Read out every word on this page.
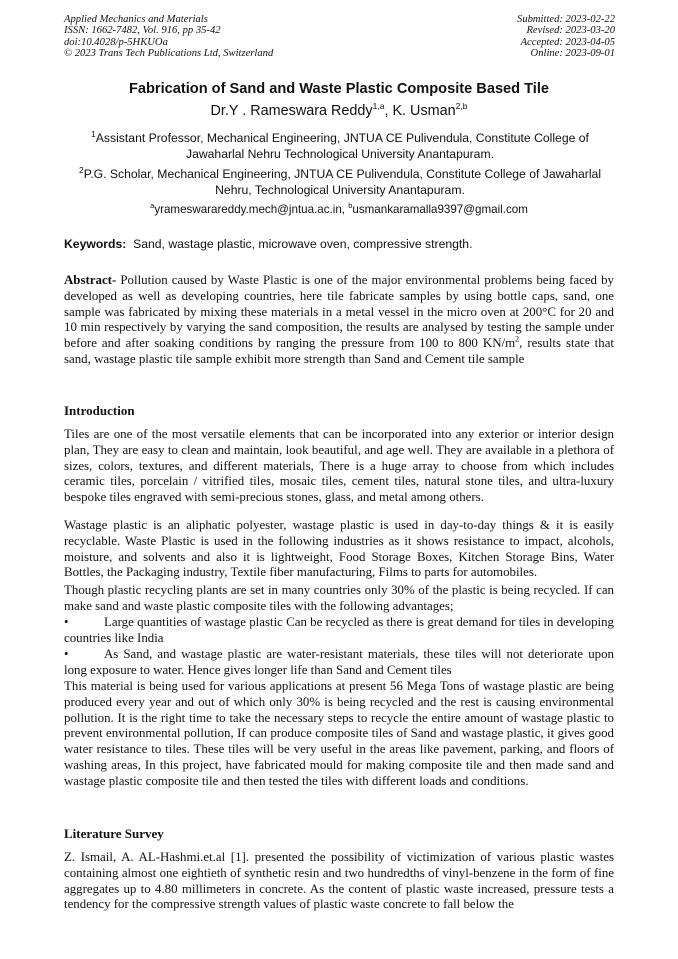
Applied Mechanics and Materials
ISSN: 1662-7482, Vol. 916, pp 35-42
doi:10.4028/p-5HKUOa
© 2023 Trans Tech Publications Ltd, Switzerland
Submitted: 2023-02-22
Revised: 2023-03-20
Accepted: 2023-04-05
Online: 2023-09-01
Fabrication of Sand and Waste Plastic Composite Based Tile
Dr.Y . Rameswara Reddy$^{1,a}$, K. Usman$^{2,b}$
$^1$Assistant Professor, Mechanical Engineering, JNTUA CE Pulivendula, Constitute College of Jawaharlal Nehru Technological University Anantapuram.
$^2$P.G. Scholar, Mechanical Engineering, JNTUA CE Pulivendula, Constitute College of Jawaharlal Nehru, Technological University Anantapuram.
$^a$yrameswarareddy.mech@jntua.ac.in, $^b$usmankaramalla9397@gmail.com
Keywords:  Sand, wastage plastic, microwave oven, compressive strength.
Abstract- Pollution caused by Waste Plastic is one of the major environmental problems being faced by developed as well as developing countries, here tile fabricate samples by using bottle caps, sand, one sample was fabricated by mixing these materials in a metal vessel in the micro oven at 200°C for 20 and 10 min respectively by varying the sand composition, the results are analysed by testing the sample under before and after soaking conditions by ranging the pressure from 100 to 800 $KN/m^2$, results state that sand, wastage plastic tile sample exhibit more strength than Sand and Cement tile sample
Introduction
Tiles are one of the most versatile elements that can be incorporated into any exterior or interior design plan, They are easy to clean and maintain, look beautiful, and age well. They are available in a plethora of sizes, colors, textures, and different materials, There is a huge array to choose from which includes ceramic tiles, porcelain / vitrified tiles, mosaic tiles, cement tiles, natural stone tiles, and ultra-luxury bespoke tiles engraved with semi-precious stones, glass, and metal among others.
Wastage plastic is an aliphatic polyester, wastage plastic is used in day-to-day things & it is easily recyclable. Waste Plastic is used in the following industries as it shows resistance to impact, alcohols, moisture, and solvents and also it is lightweight, Food Storage Boxes, Kitchen Storage Bins, Water Bottles, the Packaging industry, Textile fiber manufacturing, Films to parts for automobiles.
Though plastic recycling plants are set in many countries only 30% of the plastic is being recycled. If can make sand and waste plastic composite tiles with the following advantages;
•	Large quantities of wastage plastic Can be recycled as there is great demand for tiles in developing countries like India
•	As Sand, and wastage plastic are water-resistant materials, these tiles will not deteriorate upon long exposure to water. Hence gives longer life than Sand and Cement tiles
This material is being used for various applications at present 56 Mega Tons of wastage plastic are being produced every year and out of which only 30% is being recycled and the rest is causing environmental pollution. It is the right time to take the necessary steps to recycle the entire amount of wastage plastic to prevent environmental pollution, If can produce composite tiles of Sand and wastage plastic, it gives good water resistance to tiles. These tiles will be very useful in the areas like pavement, parking, and floors of washing areas, In this project, have fabricated mould for making composite tile and then made sand and wastage plastic composite tile and then tested the tiles with different loads and conditions.
Literature Survey
Z. Ismail, A. AL-Hashmi.et.al [1]. presented the possibility of victimization of various plastic wastes containing almost one eightieth of synthetic resin and two hundredths of vinyl-benzene in the form of fine aggregates up to 4.80 millimeters in concrete. As the content of plastic waste increased, pressure tests a tendency for the compressive strength values of plastic waste concrete to fall below the
